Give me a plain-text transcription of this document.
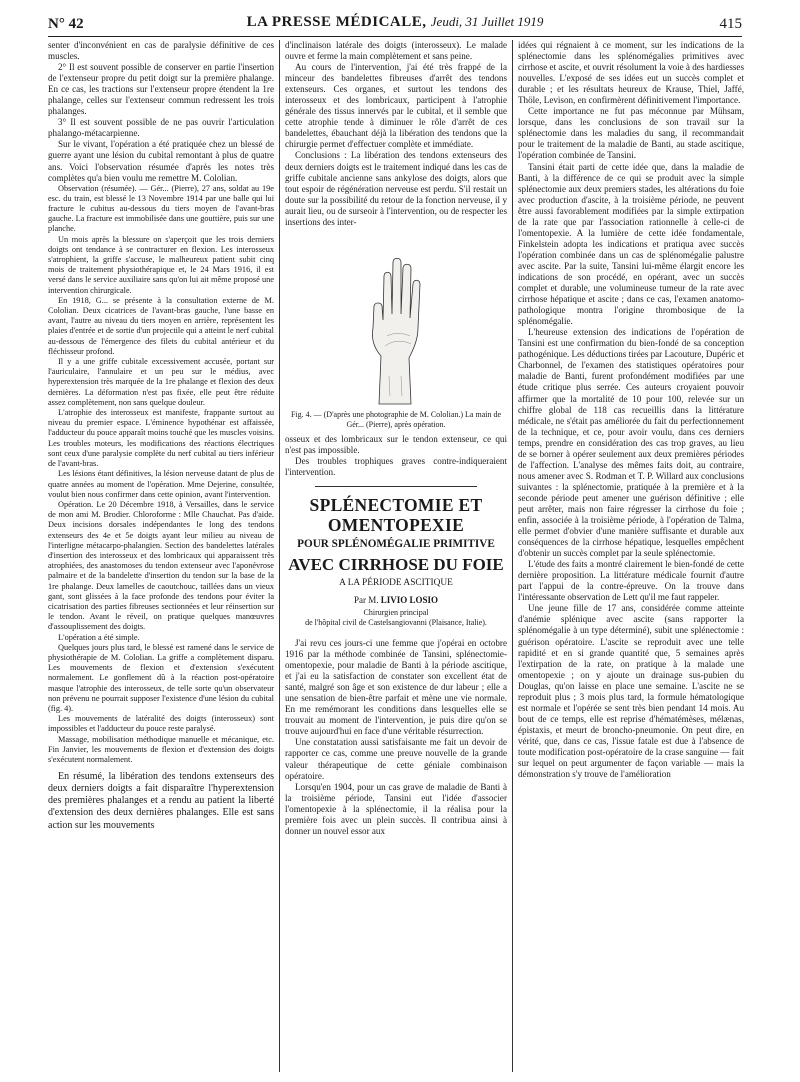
N° 42	LA PRESSE MÉDICALE, Jeudi, 31 Juillet 1919	415

senter d'inconvénient en cas de paralysie définitive de ces muscles.

2° Il est souvent possible de conserver en partie l'insertion de l'extenseur propre du petit doigt sur la première phalange. En ce cas, les tractions sur l'extenseur propre étendent la 1re phalange, celles sur l'extenseur commun redressent les trois phalanges.

3° Il est souvent possible de ne pas ouvrir l'articulation phalango-métacarpienne.

Sur le vivant, l'opération a été pratiquée chez un blessé de guerre ayant une lésion du cubital remontant à plus de quatre ans. Voici l'observation résumée d'après les notes très complètes qu'a bien voulu me remettre M. Cololian.

Observation (résumée). — Gér... (Pierre), 27 ans, soldat au 19e esc. du train, est blessé le 13 Novembre 1914 par une balle qui lui fracture le cubitus au-dessous du tiers moyen de l'avant-bras gauche. La fracture est immobilisée dans une gouttière, puis sur une planche.

Un mois après la blessure on s'aperçoit que les trois derniers doigts ont tendance à se contracturer en flexion. Les interosseux s'atrophient, la griffe s'accuse, le malheureux patient subit cinq mois de traitement physiothérapique et, le 24 Mars 1916, il est versé dans le service auxiliaire sans qu'on lui ait même proposé une intervention chirurgicale.

En 1918, G... se présente à la consultation externe de M. Cololian. Deux cicatrices de l'avant-bras gauche, l'une basse en avant, l'autre au niveau du tiers moyen en arrière, représentent les plaies d'entrée et de sortie d'un projectile qui a atteint le nerf cubital au-dessous de l'émergence des filets du cubital antérieur et du fléchisseur profond.

Il y a une griffe cubitale excessivement accusée, portant sur l'auriculaire, l'annulaire et un peu sur le médius, avec hyperextension très marquée de la 1re phalange et flexion des deux dernières. La déformation n'est pas fixée, elle peut être réduite assez complètement, non sans quelque douleur.

L'atrophie des interosseux est manifeste, frappante surtout au niveau du premier espace. L'éminence hypothénar est affaissée, l'adducteur du pouce apparaît moins touché que les muscles voisins. Les troubles moteurs, les modifications des réactions électriques sont ceux d'une paralysie complète du nerf cubital au tiers inférieur de l'avant-bras.

Les lésions étant définitives, la lésion nerveuse datant de plus de quatre années au moment de l'opération. Mme Dejerine, consultée, voulut bien nous confirmer dans cette opinion, avant l'intervention.

Opération. Le 20 Décembre 1918, à Versailles, dans le service de mon ami M. Brodier. Chloroforme : Mlle Chauchat. Pas d'aide. Deux incisions dorsales indépendantes le long des tendons extenseurs des 4e et 5e doigts ayant leur milieu au niveau de l'interligne métacarpo-phalangien. Section des bandelettes latérales d'insertion des interosseux et des lombricaux qui apparaissent très atrophiées, des anastomoses du tendon extenseur avec l'aponévrose palmaire et de la bandelette d'insertion du tendon sur la base de la 1re phalange. Deux lamelles de caoutchouc, taillées dans un vieux gant, sont glissées à la face profonde des tendons pour éviter la cicatrisation des parties fibreuses sectionnées et leur réinsertion sur le tendon. Avant le réveil, on pratique quelques manœuvres d'assouplissement des doigts.

L'opération a été simple.

Quelques jours plus tard, le blessé est ramené dans le service de physiothérapie de M. Cololian. La griffe a complètement disparu. Les mouvements de flexion et d'extension s'exécutent normalement. Le gonflement dû à la réaction post-opératoire masque l'atrophie des interosseux, de telle sorte qu'un observateur non prévenu ne pourrait supposer l'existence d'une lésion du cubital (fig. 4).

Les mouvements de latéralité des doigts (interosseux) sont impossibles et l'adducteur du pouce reste paralysé.

Massage, mobilisation méthodique manuelle et mécanique, etc. Fin Janvier, les mouvements de flexion et d'extension des doigts s'exécutent normalement.

En résumé, la libération des tendons extenseurs des deux derniers doigts a fait disparaître l'hyperextension des premières phalanges et a rendu au patient la liberté d'extension des deux dernières phalanges. Elle est sans action sur les mouvements

d'inclinaison latérale des doigts (interosseux). Le malade ouvre et ferme la main complètement et sans peine.

Au cours de l'intervention, j'ai été très frappé de la minceur des bandelettes fibreuses d'arrêt des tendons extenseurs. Ces organes, et surtout les tendons des interosseux et des lombricaux, participent à l'atrophie générale des tissus innervés par le cubital, et il semble que cette atrophie tende à diminuer le rôle d'arrêt de ces bandelettes, ébauchant déjà la libération des tendons que la chirurgie permet d'effectuer complète et immédiate.

Conclusions : La libération des tendons extenseurs des deux derniers doigts est le traitement indiqué dans les cas de griffe cubitale ancienne sans ankylose des doigts, alors que tout espoir de régénération nerveuse est perdu. S'il restait un doute sur la possibilité du retour de la fonction nerveuse, il y aurait lieu, ou de surseoir à l'intervention, ou de respecter les insertions des inter-

Fig. 4. — (D'après une photographie de M. Cololian.) La main de Gér... (Pierre), après opération.

osseux et des lombricaux sur le tendon extenseur, ce qui n'est pas impossible.

Des troubles trophiques graves contre-indiqueraient l'intervention.

SPLÉNECTOMIE ET OMENTOPEXIE
POUR SPLÉNOMÉGALIE PRIMITIVE
AVEC CIRRHOSE DU FOIE
A LA PÉRIODE ASCITIQUE
Par M. LIVIO LOSIO
Chirurgien principal
de l'hôpital civil de Castelsangiovanni (Plaisance, Italie).

J'ai revu ces jours-ci une femme que j'opérai en octobre 1916 par la méthode combinée de Tansini, splénectomie-omentopexie, pour maladie de Banti à la période ascitique, et j'ai eu la satisfaction de constater son excellent état de santé, malgré son âge et son existence de dur labeur ; elle a une sensation de bien-être parfait et mène une vie normale. En me remémorant les conditions dans lesquelles elle se trouvait au moment de l'intervention, je puis dire qu'on se trouve aujourd'hui en face d'une véritable résurrection.

Une constatation aussi satisfaisante me fait un devoir de rapporter ce cas, comme une preuve nouvelle de la grande valeur thérapeutique de cette géniale combinaison opératoire.

Lorsqu'en 1904, pour un cas grave de maladie de Banti à la troisième période, Tansini eut l'idée d'associer l'omentopexie à la splénectomie, il la réalisa pour la première fois avec un plein succès. Il contribua ainsi à donner un nouvel essor aux

idées qui régnaient à ce moment, sur les indications de la splénectomie dans les splénomégalies primitives avec cirrhose et ascite, et ouvrit résolument la voie à des hardiesses nouvelles. L'exposé de ses idées eut un succès complet et durable ; et les résultats heureux de Krause, Thiel, Jaffé, Thöle, Levison, en confirmèrent définitivement l'importance.

Cette importance ne fut pas méconnue par Mühsam, lorsque, dans les conclusions de son travail sur la splénectomie dans les maladies du sang, il recommandait pour le traitement de la maladie de Banti, au stade ascitique, l'opération combinée de Tansini.

Tansini était parti de cette idée que, dans la maladie de Banti, à la différence de ce qui se produit avec la simple splénectomie aux deux premiers stades, les altérations du foie avec production d'ascite, à la troisième période, ne peuvent être aussi favorablement modifiées par la simple extirpation de la rate que par l'association rationnelle à celle-ci de l'omentopexie. A la lumière de cette idée fondamentale, Finkelstein adopta les indications et pratiqua avec succès l'opération combinée dans un cas de splénomégalie palustre avec ascite. Par la suite, Tansini lui-même élargit encore les indications de son procédé, en opérant, avec un succès complet et durable, une volumineuse tumeur de la rate avec cirrhose hépatique et ascite ; dans ce cas, l'examen anatomo-pathologique montra l'origine thrombosique de la splénomégalie.

L'heureuse extension des indications de l'opération de Tansini est une confirmation du bien-fondé de sa conception pathogénique. Les déductions tirées par Lacouture, Dupéric et Charbonnel, de l'examen des statistiques opératoires pour maladie de Banti, furent profondément modifiées par une étude critique plus serrée. Ces auteurs croyaient pouvoir affirmer que la mortalité de 10 pour 100, relevée sur un chiffre global de 118 cas recueillis dans la littérature médicale, ne s'était pas améliorée du fait du perfectionnement de la technique, et ce, pour avoir voulu, dans ces derniers temps, prendre en considération des cas trop graves, au lieu de se borner à opérer seulement aux deux premières périodes de l'affection. L'analyse des mêmes faits doit, au contraire, nous amener avec S. Rodman et T. P. Willard aux conclusions suivantes : la splénectomie, pratiquée à la première et à la seconde période peut amener une guérison définitive ; elle peut arrêter, mais non faire régresser la cirrhose du foie ; enfin, associée à la troisième période, à l'opération de Talma, elle permet d'obvier d'une manière suffisante et durable aux conséquences de la cirrhose hépatique, lesquelles empêchent d'obtenir un succès complet par la seule splénectomie.

L'étude des faits a montré clairement le bien-fondé de cette dernière proposition. La littérature médicale fournit d'autre part l'appui de la contre-épreuve. On la trouve dans l'intéressante observation de Lett qu'il me faut rappeler.

Une jeune fille de 17 ans, considérée comme atteinte d'anémie splénique avec ascite (sans rapporter la splénomégalie à un type déterminé), subit une splénectomie : guérison opératoire. L'ascite se reproduit avec une telle rapidité et en si grande quantité que, 5 semaines après l'extirpation de la rate, on pratique à la malade une omentopexie ; on y ajoute un drainage sus-pubien du Douglas, qu'on laisse en place une semaine. L'ascite ne se reproduit plus ; 3 mois plus tard, la formule hématologique est normale et l'opérée se sent très bien pendant 14 mois. Au bout de ce temps, elle est reprise d'hématémèses, mélænas, épistaxis, et meurt de broncho-pneumonie. On peut dire, en vérité, que, dans ce cas, l'issue fatale est due à l'absence de toute modification post-opératoire de la crase sanguine — fait sur lequel on peut argumenter de façon variable — mais la démonstration s'y trouve de l'amélioration
